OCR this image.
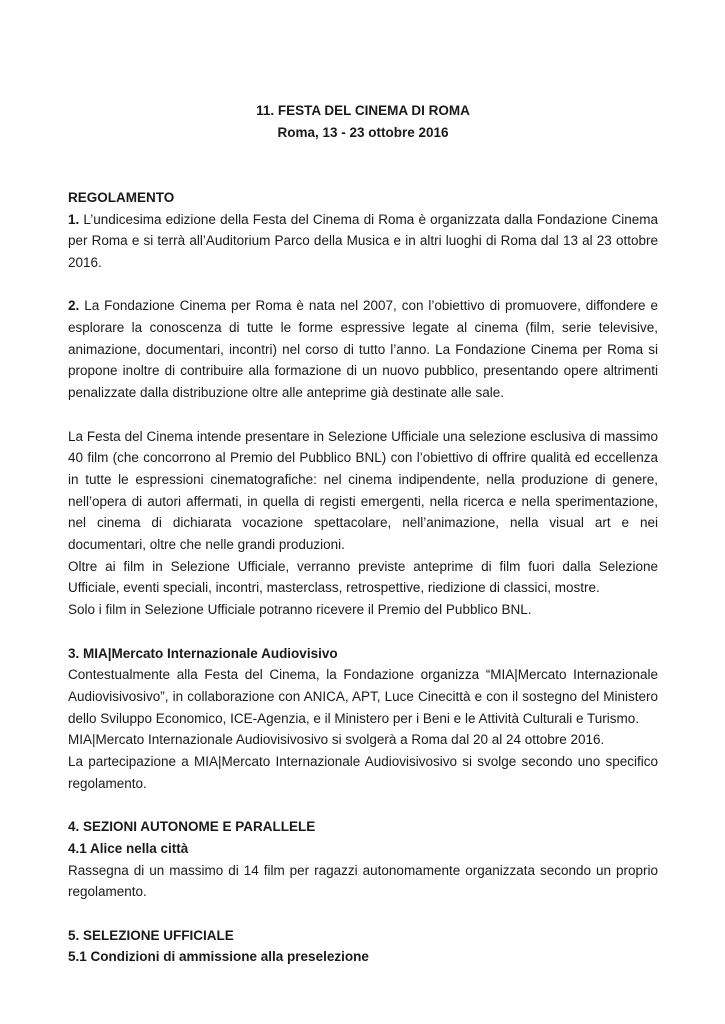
11. FESTA DEL CINEMA DI ROMA
Roma, 13 - 23 ottobre 2016
REGOLAMENTO

1. L’undicesima edizione della Festa del Cinema di Roma è organizzata dalla Fondazione Cinema per Roma e si terrà all’Auditorium Parco della Musica e in altri luoghi di Roma dal 13 al 23 ottobre 2016.

2. La Fondazione Cinema per Roma è nata nel 2007, con l’obiettivo di promuovere, diffondere e esplorare la conoscenza di tutte le forme espressive legate al cinema (film, serie televisive, animazione, documentari, incontri) nel corso di tutto l’anno. La Fondazione Cinema per Roma si propone inoltre di contribuire alla formazione di un nuovo pubblico, presentando opere altrimenti penalizzate dalla distribuzione oltre alle anteprime già destinate alle sale.

La Festa del Cinema intende presentare in Selezione Ufficiale una selezione esclusiva di massimo 40 film (che concorrono al Premio del Pubblico BNL) con l’obiettivo di offrire qualità ed eccellenza in tutte le espressioni cinematografiche: nel cinema indipendente, nella produzione di genere, nell’opera di autori affermati, in quella di registi emergenti, nella ricerca e nella sperimentazione, nel cinema di dichiarata vocazione spettacolare, nell’animazione, nella visual art e nei documentari, oltre che nelle grandi produzioni.

Oltre ai film in Selezione Ufficiale, verranno previste anteprime di film fuori dalla Selezione Ufficiale, eventi speciali, incontri, masterclass, retrospettive, riedizione di classici, mostre.

Solo i film in Selezione Ufficiale potranno ricevere il Premio del Pubblico BNL.

3. MIA|Mercato Internazionale Audiovisivo

Contestualmente alla Festa del Cinema, la Fondazione organizza “MIA|Mercato Internazionale Audiovisivosivo”, in collaborazione con ANICA, APT, Luce Cinecittà e con il sostegno del Ministero dello Sviluppo Economico, ICE-Agenzia, e il Ministero per i Beni e le Attività Culturali e Turismo.

MIA|Mercato Internazionale Audiovisivosivo si svolgerà a Roma dal 20 al 24 ottobre 2016.

La partecipazione a MIA|Mercato Internazionale Audiovisivosivo si svolge secondo uno specifico regolamento.

4. SEZIONI AUTONOME E PARALLELE
4.1 Alice nella città

Rassegna di un massimo di 14 film per ragazzi autonomamente organizzata secondo un proprio regolamento.

5. SELEZIONE UFFICIALE
5.1 Condizioni di ammissione alla preselezione
